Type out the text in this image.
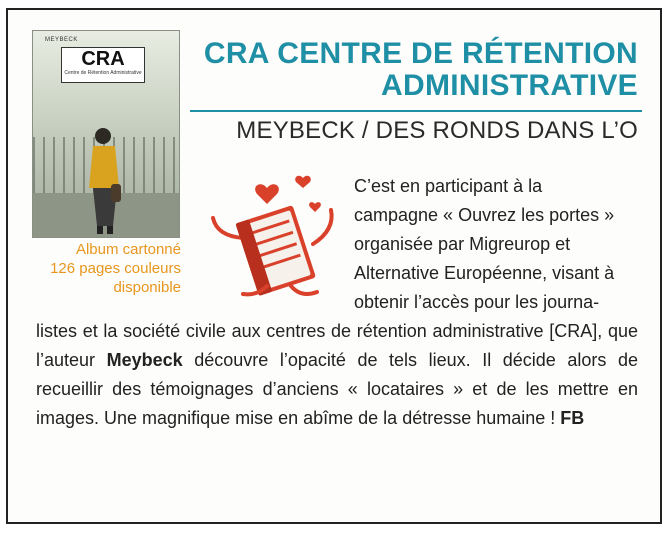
MEYBECK
CRA
Centre de Rétention Administrative
Album cartonné
126 pages couleurs
disponible
CRA CENTRE DE RÉTENTION
ADMINISTRATIVE
MEYBECK / DES RONDS DANS L’O

C’est en participant à la

campagne « Ouvrez les portes »

organisée par Migreurop et

Alternative Européenne, visant à

obtenir l’accès pour les journa-

listes et la société civile aux centres de rétention administrative [CRA], que l’auteur Meybeck découvre l’opacité de tels lieux. Il décide alors de recueillir des témoignages d’anciens « locataires » et de les mettre en images. Une magnifique mise en abîme de la détresse humaine ! FB
